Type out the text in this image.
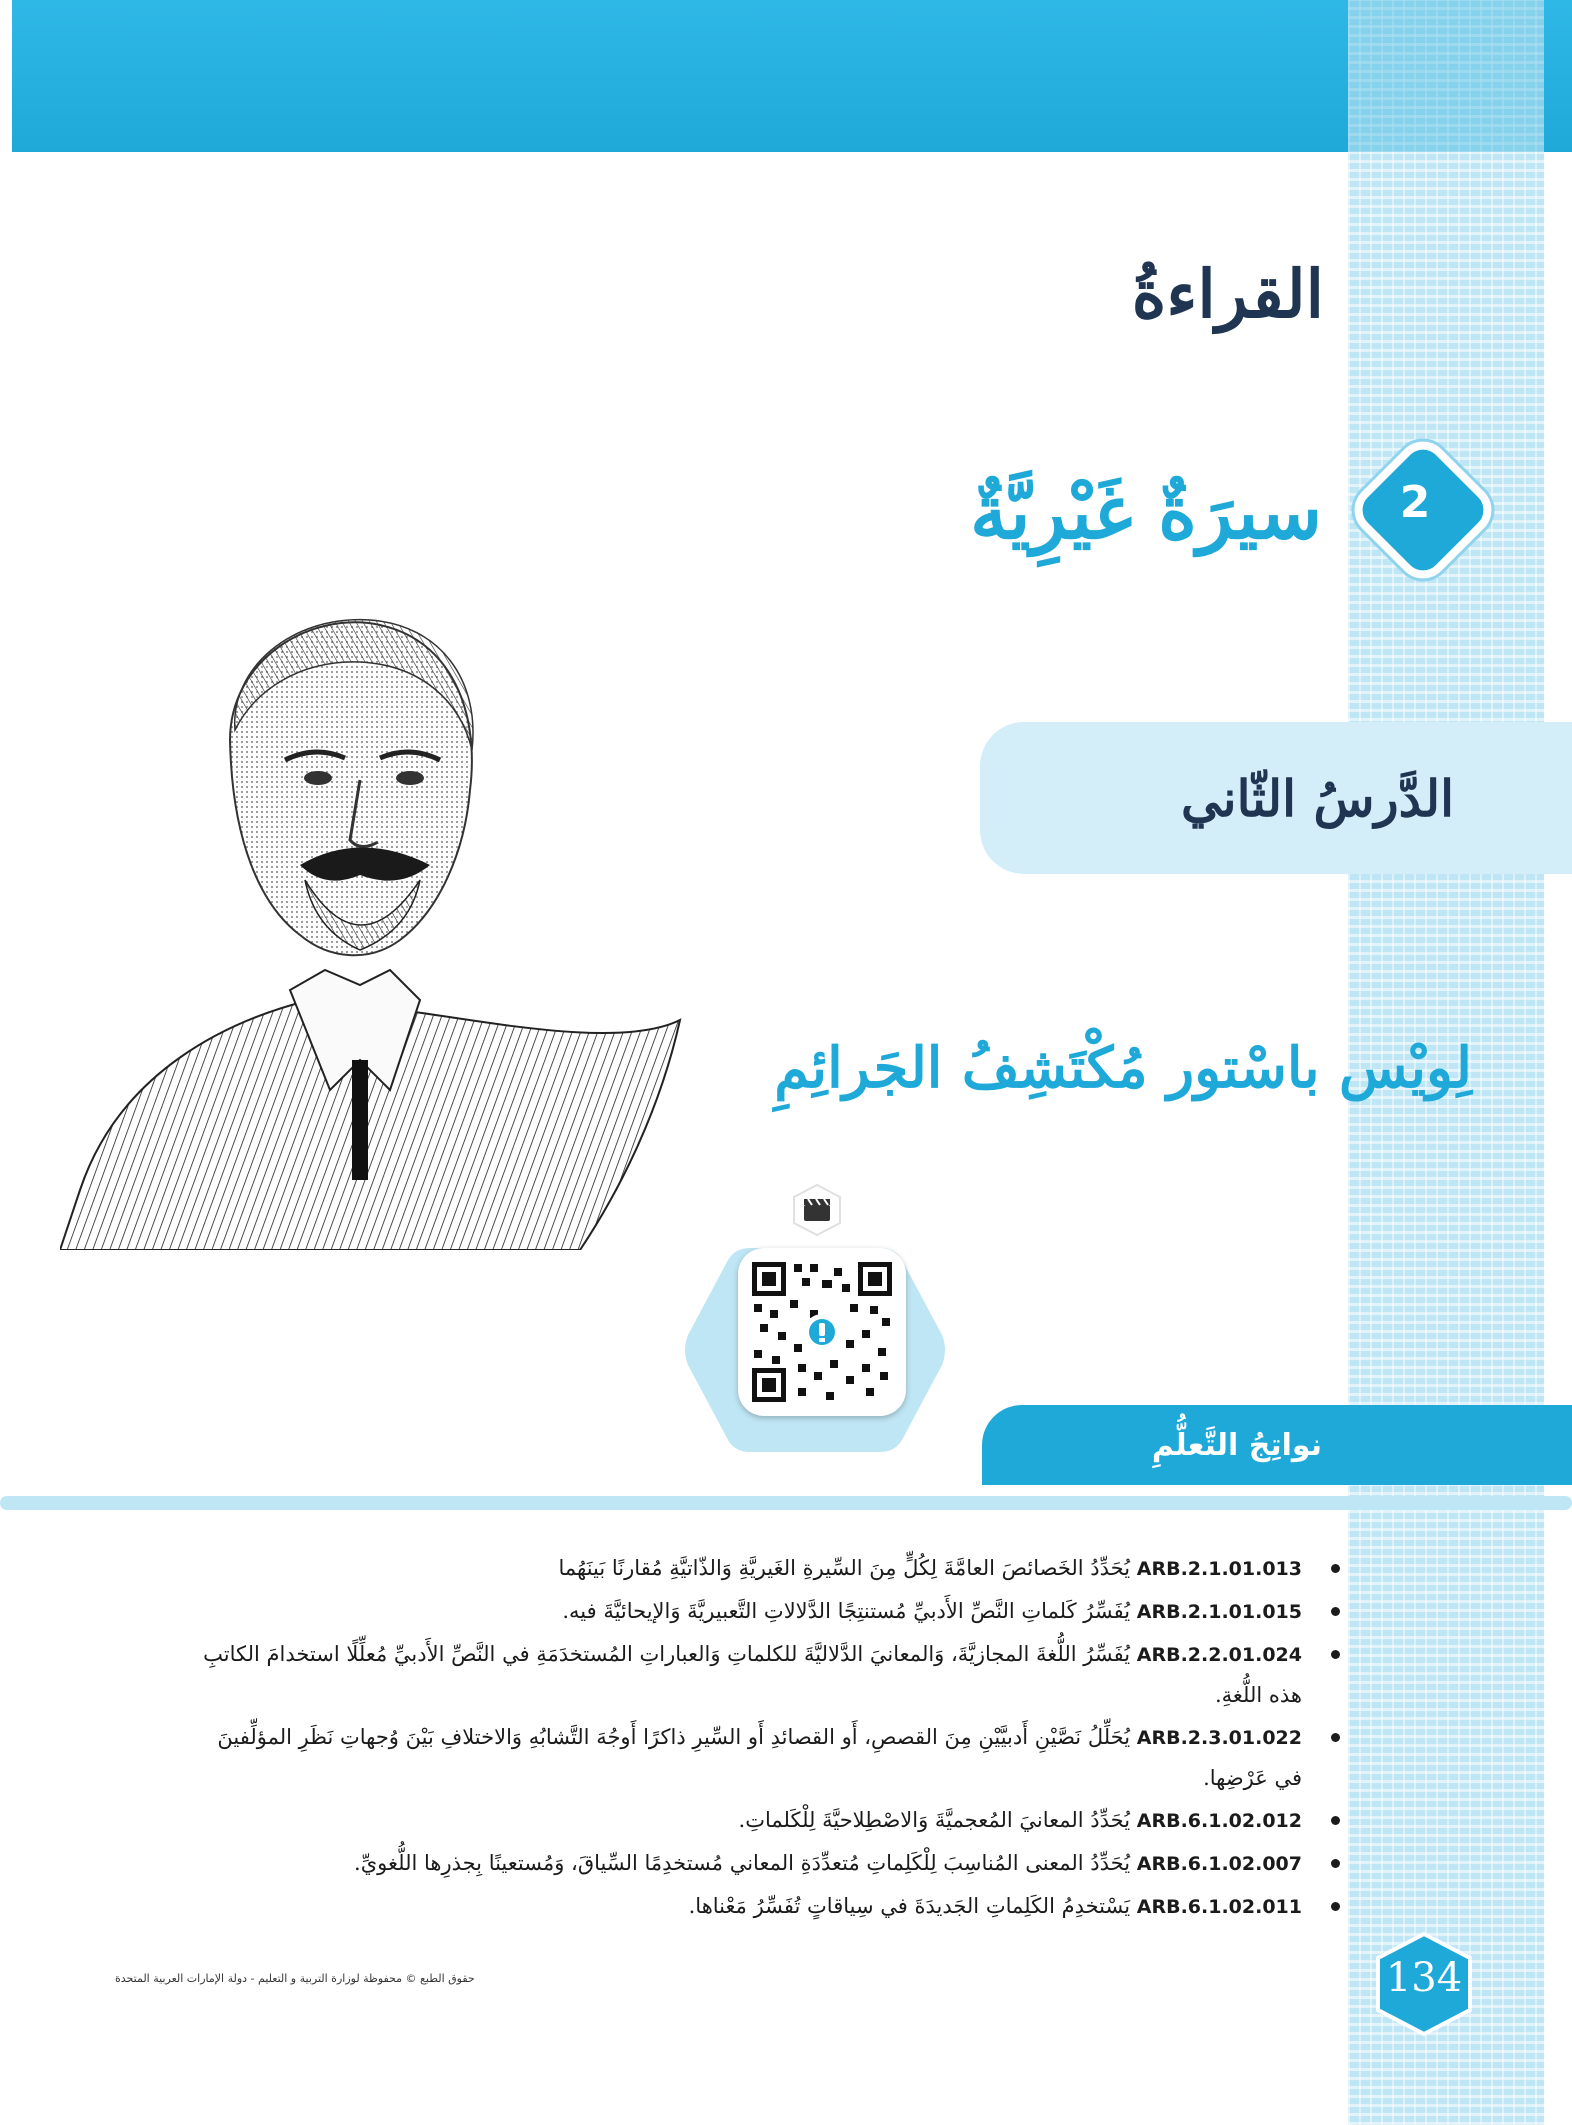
القراءةُ
2
سيرَةٌ غَيْرِيَّةٌ
الدَّرسُ الثّاني
لِويْس باسْتور مُكْتَشِفُ الجَرائِمِ
نواتِجُ التَّعلُّمِ
ARB.2.1.01.013 يُحَدِّدُ الخَصائصَ العامَّةَ لِكُلٍّ مِنَ السِّيرةِ الغَيريَّةِ وَالذّاتيَّةِ مُقارنًا بَينَهُما
ARB.2.1.01.015 يُفَسِّرُ كَلماتِ النَّصِّ الأَدبيِّ مُستنتِجًا الدَّلالاتِ التَّعبيريَّةَ وَالإيحائيَّةَ فيه.
ARB.2.2.01.024 يُفَسِّرُ اللُّغةَ المجازيَّةَ، وَالمعانيَ الدَّلاليَّةَ للكلماتِ وَالعباراتِ المُستخدَمَةِ في النَّصِّ الأَدبيِّ مُعلِّلًا استخدامَ الكاتبِ هذه اللُّغةِ.
ARB.2.3.01.022 يُحَلِّلُ نَصَّيْنِ أَدبيَّيْنِ مِنَ القصصِ، أَو القصائدِ أَو السِّيرِ ذاكرًا أَوجُهَ التَّشابُهِ وَالاختلافِ بَيْنَ وُجهاتِ نَظَرِ المؤلِّفينَ في عَرْضِها.
ARB.6.1.02.012 يُحَدِّدُ المعانيَ المُعجميَّةَ وَالاصْطِلاحيَّةَ لِلْكَلماتِ.
ARB.6.1.02.007 يُحَدِّدُ المعنى المُناسِبَ لِلْكَلِماتِ مُتعدِّدَةِ المعاني مُستخدِمًا السِّياقَ، وَمُستعينًا بِجذرِها اللُّغويِّ.
ARB.6.1.02.011 يَسْتخدِمُ الكَلِماتِ الجَديدَةَ في سِياقاتٍ تُفَسِّرُ مَعْناها.
134

حقوق الطبع © محفوظة لوزارة التربية و التعليم - دولة الإمارات العربية المتحدة
